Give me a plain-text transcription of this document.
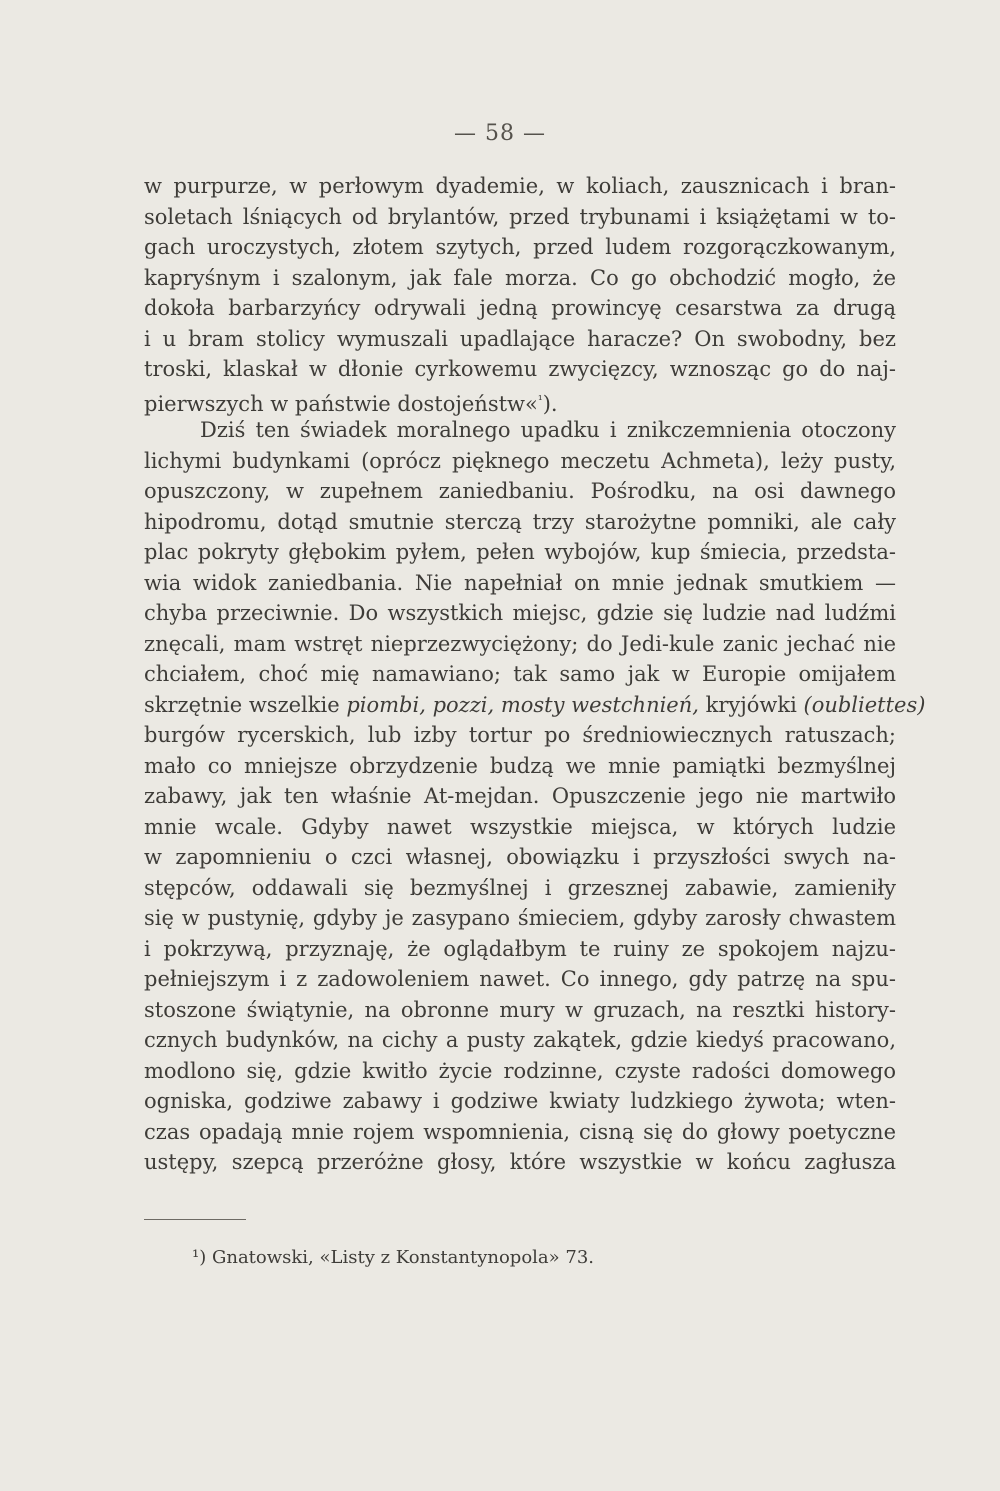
— 58 —
w purpurze, w perłowym dyademie, w koliach, zausznicach i bran-
soletach lśniących od brylantów, przed trybunami i książętami w to-
gach uroczystych, złotem szytych, przed ludem rozgorączkowanym,
kapryśnym i szalonym, jak fale morza. Co go obchodzić mogło, że
dokoła barbarzyńcy odrywali jedną prowincyę cesarstwa za drugą
i u bram stolicy wymuszali upadlające haracze? On swobodny, bez
troski, klaskał w dłonie cyrkowemu zwycięzcy, wznosząc go do naj-
pierwszych w państwie dostojeństw«$^{^1}$).
Dziś ten świadek moralnego upadku i znikczemnienia otoczony
lichymi budynkami (oprócz pięknego meczetu Achmeta), leży pusty,
opuszczony, w zupełnem zaniedbaniu. Pośrodku, na osi dawnego
hipodromu, dotąd smutnie sterczą trzy starożytne pomniki, ale cały
plac pokryty głębokim pyłem, pełen wybojów, kup śmiecia, przedsta-
wia widok zaniedbania. Nie napełniał on mnie jednak smutkiem —
chyba przeciwnie. Do wszystkich miejsc, gdzie się ludzie nad ludźmi
znęcali, mam wstręt nieprzezwyciężony; do Jedi-kule zanic jechać nie
chciałem, choć mię namawiano; tak samo jak w Europie omijałem
skrzętnie wszelkie piombi, pozzi, mosty westchnień, kryjówki (oubliettes)
burgów rycerskich, lub izby tortur po średniowiecznych ratuszach;
mało co mniejsze obrzydzenie budzą we mnie pamiątki bezmyślnej
zabawy, jak ten właśnie At-mejdan. Opuszczenie jego nie martwiło
mnie wcale. Gdyby nawet wszystkie miejsca, w których ludzie
w zapomnieniu o czci własnej, obowiązku i przyszłości swych na-
stępców, oddawali się bezmyślnej i grzesznej zabawie, zamieniły
się w pustynię, gdyby je zasypano śmieciem, gdyby zarosły chwastem
i pokrzywą, przyznaję, że oglądałbym te ruiny ze spokojem najzu-
pełniejszym i z zadowoleniem nawet. Co innego, gdy patrzę na spu-
stoszone świątynie, na obronne mury w gruzach, na resztki history-
cznych budynków, na cichy a pusty zakątek, gdzie kiedyś pracowano,
modlono się, gdzie kwitło życie rodzinne, czyste radości domowego
ogniska, godziwe zabawy i godziwe kwiaty ludzkiego żywota; wten-
czas opadają mnie rojem wspomnienia, cisną się do głowy poetyczne
ustępy, szepcą przeróżne głosy, które wszystkie w końcu zagłusza
¹) Gnatowski, «Listy z Konstantynopola» 73.
